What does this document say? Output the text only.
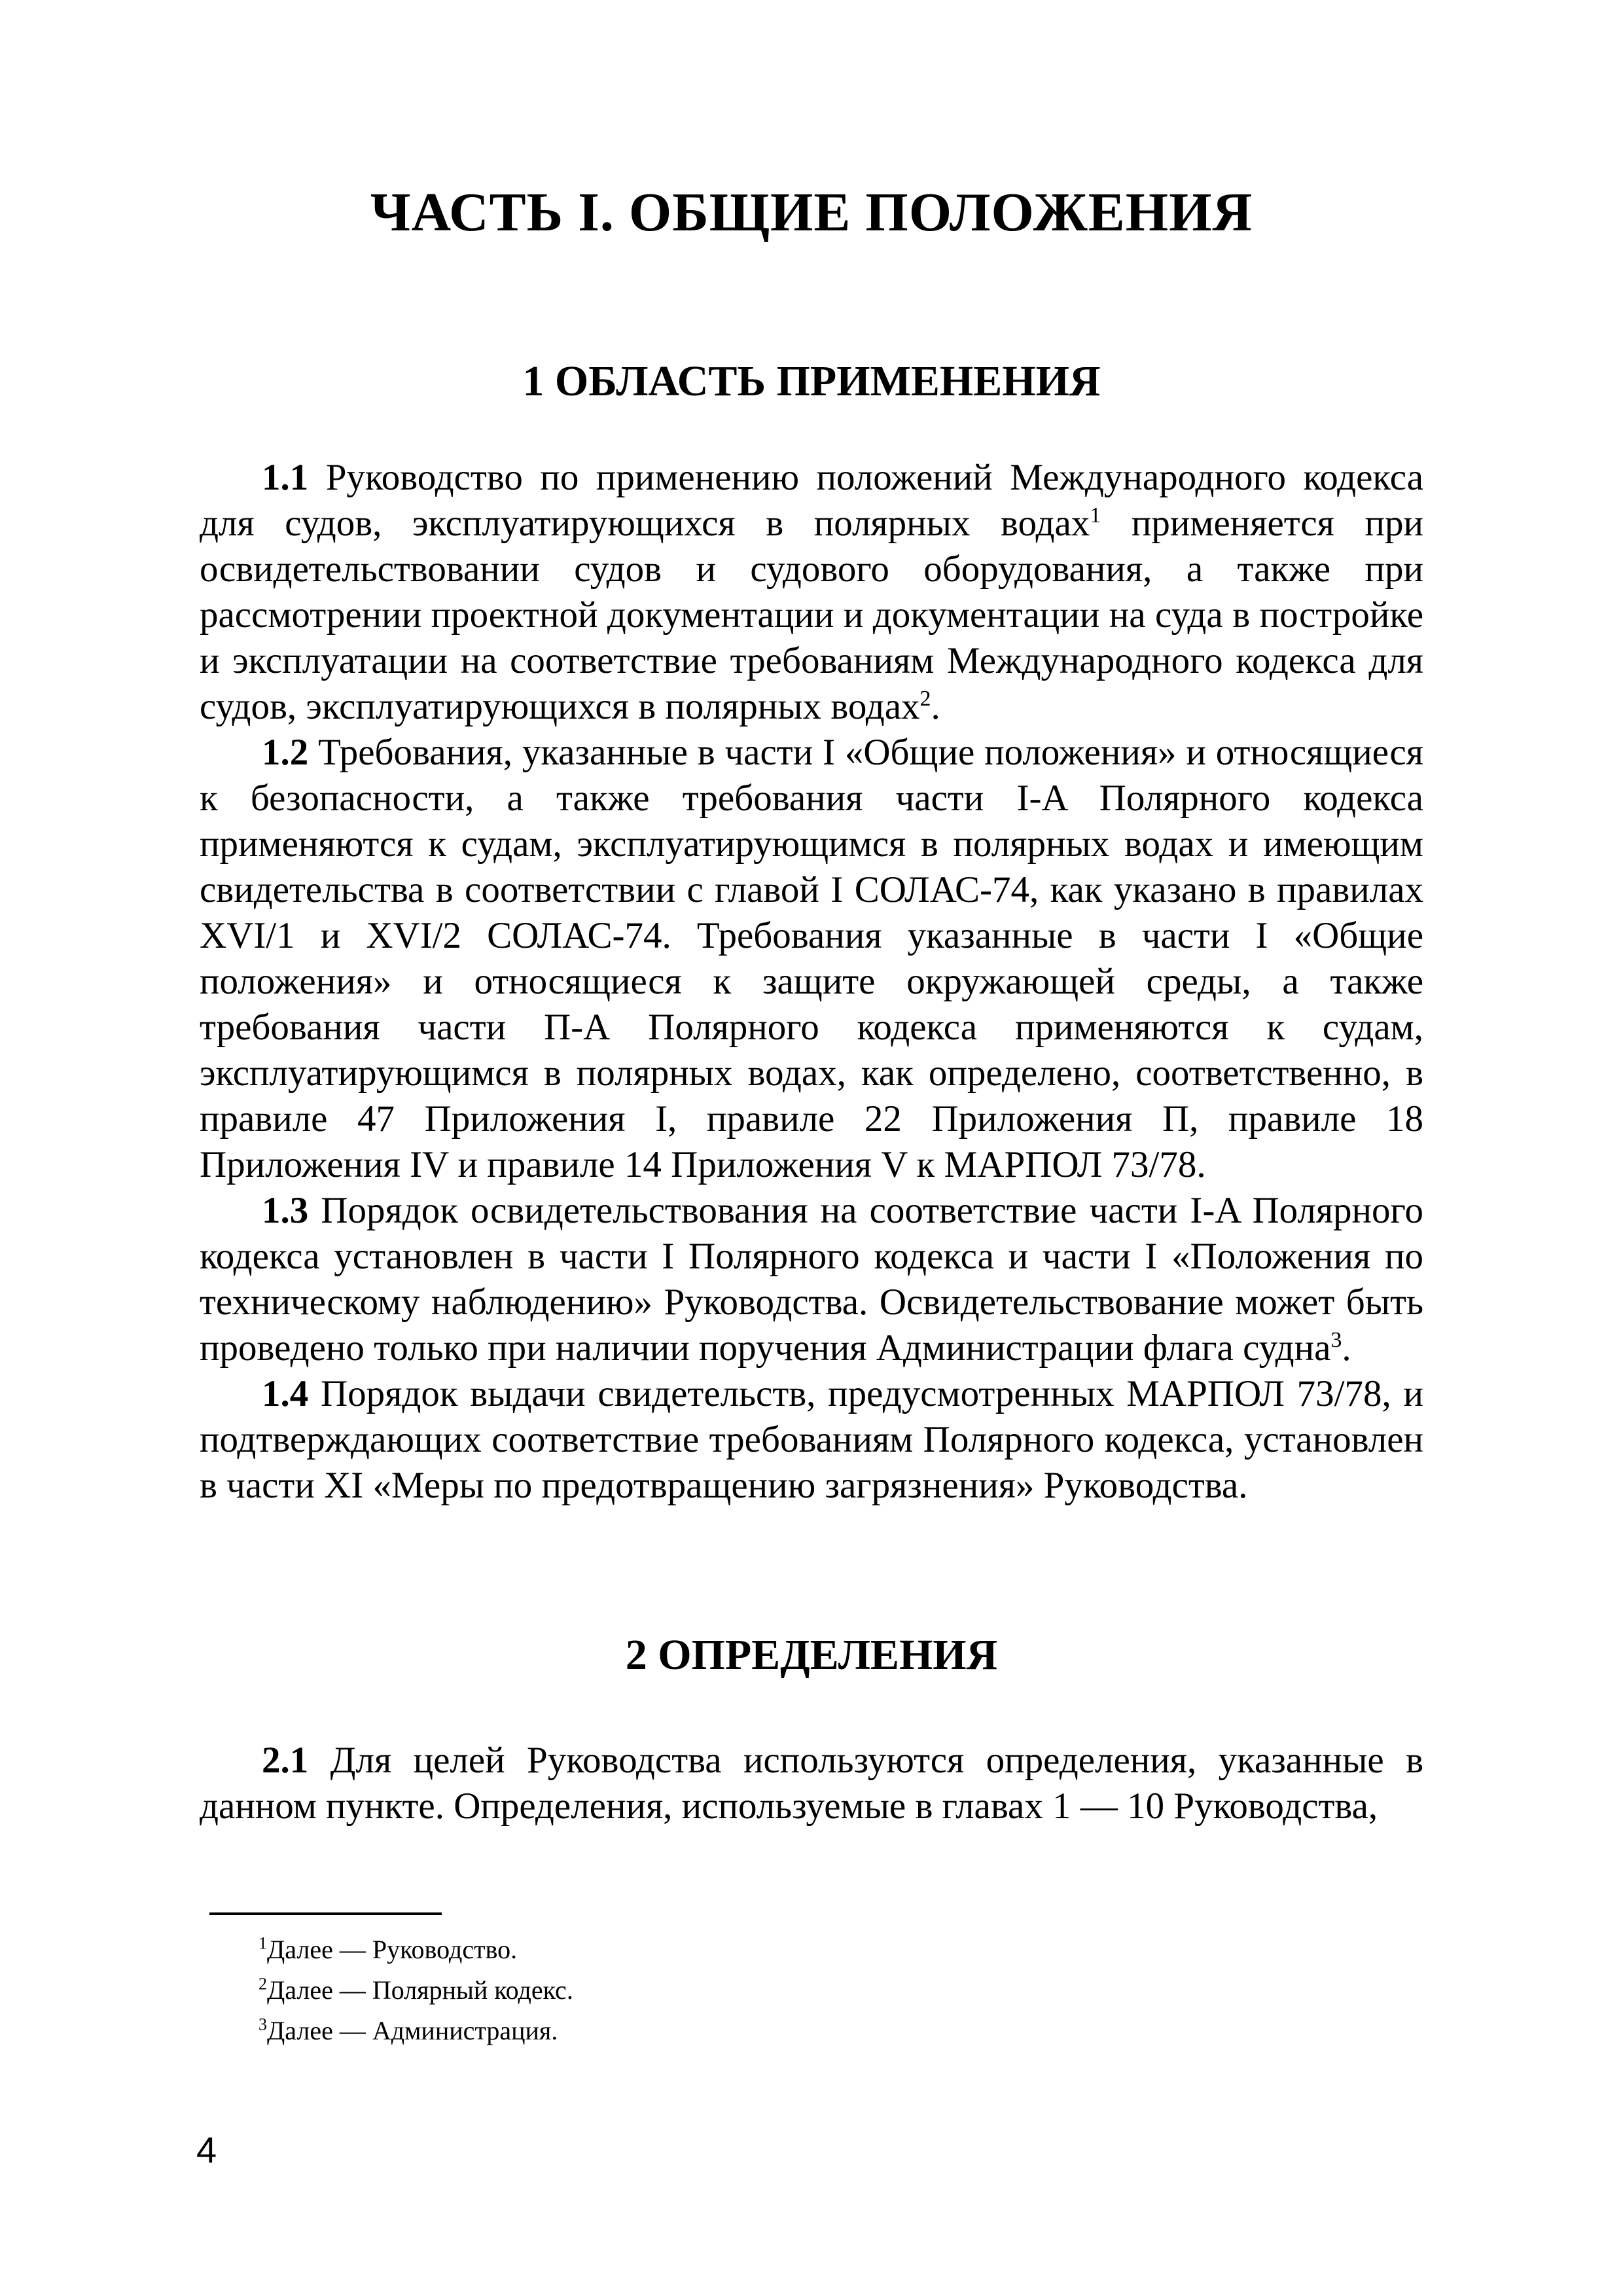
ЧАСТЬ I. ОБЩИЕ ПОЛОЖЕНИЯ
1 ОБЛАСТЬ ПРИМЕНЕНИЯ

1.1 Руководство по применению положений Международного кодекса для судов, эксплуатирующихся в полярных водах$^1$ применяется при освидетельствовании судов и судового оборудования, а также при рассмотрении проектной документации и документации на суда в постройке и эксплуатации на соответствие требованиям Международного кодекса для судов, эксплуатирующихся в полярных водах$^2$.

1.2 Требования, указанные в части I «Общие положения» и относящиеся к безопасности, а также требования части I-A Полярного кодекса применяются к судам, эксплуатирующимся в полярных водах и имеющим свидетельства в соответствии с главой I СОЛАС-74, как указано в правилах XVI/1 и XVI/2 СОЛАС-74. Требования указанные в части I «Общие положения» и относящиеся к защите окружающей среды, а также требования части П-А Полярного кодекса применяются к судам, эксплуатирующимся в полярных водах, как определено, соответственно, в правиле 47 Приложения I, правиле 22 Приложения П, правиле 18 Приложения IV и правиле 14 Приложения V к МАРПОЛ 73/78.

1.3 Порядок освидетельствования на соответствие части I-A Полярного кодекса установлен в части I Полярного кодекса и части I «Положения по техническому наблюдению» Руководства. Освидетельствование может быть проведено только при наличии поручения Администрации флага судна$^3$.

1.4 Порядок выдачи свидетельств, предусмотренных МАРПОЛ 73/78, и подтверждающих соответствие требованиям Полярного кодекса, установлен в части XI «Меры по предотвращению загрязнения» Руководства.

2 ОПРЕДЕЛЕНИЯ

2.1 Для целей Руководства используются определения, указанные в данном пункте. Определения, используемые в главах 1 — 10 Руководства,

$^1$Далее — Руководство.
$^2$Далее — Полярный кодекс.
$^3$Далее — Администрация.
4
